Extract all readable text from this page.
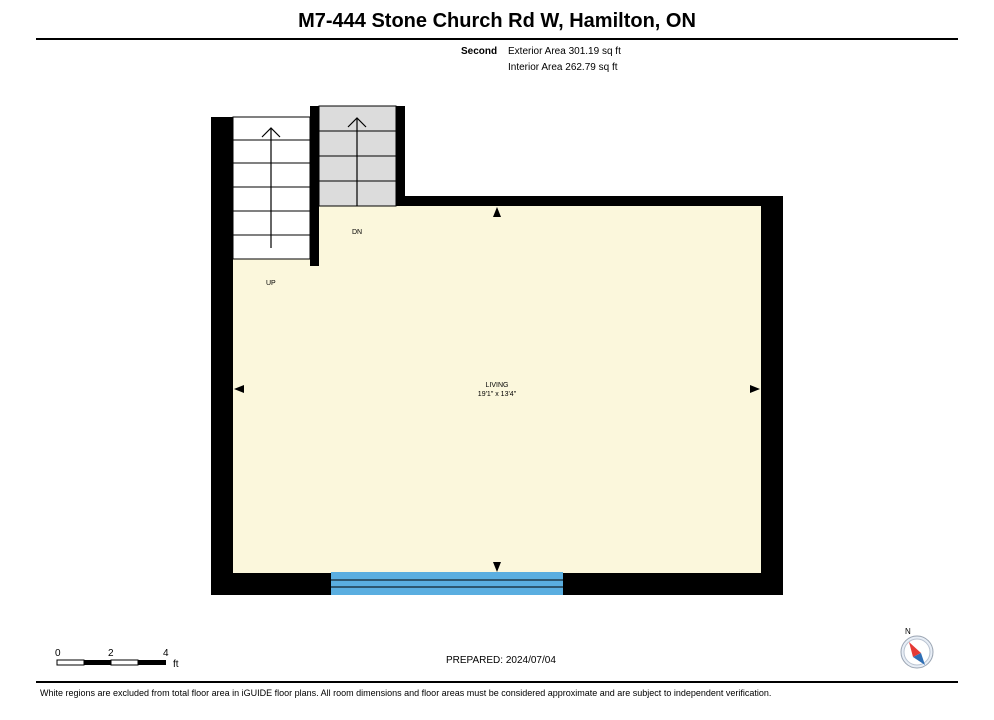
M7-444 Stone Church Rd W, Hamilton, ON
Second Exterior Area 301.19 sq ft
Interior Area 262.79 sq ft
DN
UP
LIVING
19'1" x 13'4"
0	2	4
ft
N
PREPARED: 2024/07/04
White regions are excluded from total floor area in iGUIDE floor plans. All room dimensions and floor areas must be considered approximate and are subject to independent verification.
